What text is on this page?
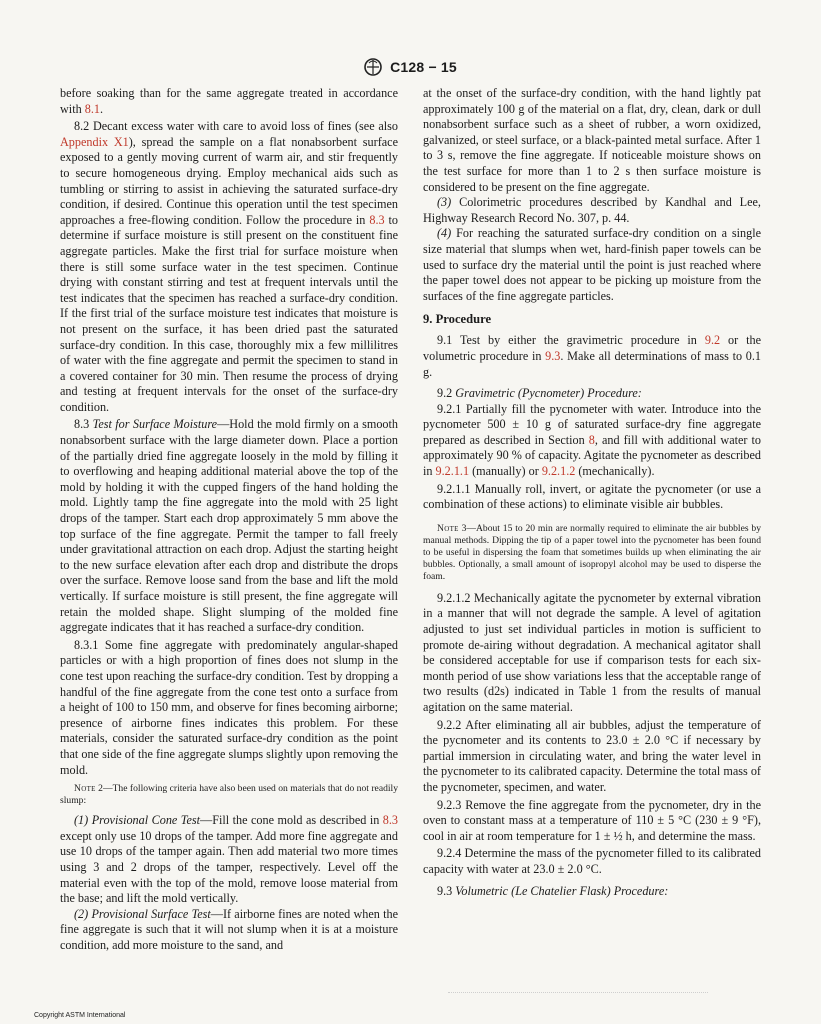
C128 − 15

before soaking than for the same aggregate treated in accordance with 8.1.

8.2 Decant excess water with care to avoid loss of fines (see also Appendix X1), spread the sample on a flat nonabsorbent surface exposed to a gently moving current of warm air, and stir frequently to secure homogeneous drying. Employ mechanical aids such as tumbling or stirring to assist in achieving the saturated surface-dry condition, if desired. Continue this operation until the test specimen approaches a free-flowing condition. Follow the procedure in 8.3 to determine if surface moisture is still present on the constituent fine aggregate particles. Make the first trial for surface moisture when there is still some surface water in the test specimen. Continue drying with constant stirring and test at frequent intervals until the test indicates that the specimen has reached a surface-dry condition. If the first trial of the surface moisture test indicates that moisture is not present on the surface, it has been dried past the saturated surface-dry condition. In this case, thoroughly mix a few millilitres of water with the fine aggregate and permit the specimen to stand in a covered container for 30 min. Then resume the process of drying and testing at frequent intervals for the onset of the surface-dry condition.

8.3 Test for Surface Moisture—Hold the mold firmly on a smooth nonabsorbent surface with the large diameter down. Place a portion of the partially dried fine aggregate loosely in the mold by filling it to overflowing and heaping additional material above the top of the mold by holding it with the cupped fingers of the hand holding the mold. Lightly tamp the fine aggregate into the mold with 25 light drops of the tamper. Start each drop approximately 5 mm above the top surface of the fine aggregate. Permit the tamper to fall freely under gravitational attraction on each drop. Adjust the starting height to the new surface elevation after each drop and distribute the drops over the surface. Remove loose sand from the base and lift the mold vertically. If surface moisture is still present, the fine aggregate will retain the molded shape. Slight slumping of the molded fine aggregate indicates that it has reached a surface-dry condition.

8.3.1 Some fine aggregate with predominately angular-shaped particles or with a high proportion of fines does not slump in the cone test upon reaching the surface-dry condition. Test by dropping a handful of the fine aggregate from the cone test onto a surface from a height of 100 to 150 mm, and observe for fines becoming airborne; presence of airborne fines indicates this problem. For these materials, consider the saturated surface-dry condition as the point that one side of the fine aggregate slumps slightly upon removing the mold.

Note 2—The following criteria have also been used on materials that do not readily slump:

(1) Provisional Cone Test—Fill the cone mold as described in 8.3 except only use 10 drops of the tamper. Add more fine aggregate and use 10 drops of the tamper again. Then add material two more times using 3 and 2 drops of the tamper, respectively. Level off the material even with the top of the mold, remove loose material from the base; and lift the mold vertically.

(2) Provisional Surface Test—If airborne fines are noted when the fine aggregate is such that it will not slump when it is at a moisture condition, add more moisture to the sand, and

at the onset of the surface-dry condition, with the hand lightly pat approximately 100 g of the material on a flat, dry, clean, dark or dull nonabsorbent surface such as a sheet of rubber, a worn oxidized, galvanized, or steel surface, or a black-painted metal surface. After 1 to 3 s, remove the fine aggregate. If noticeable moisture shows on the test surface for more than 1 to 2 s then surface moisture is considered to be present on the fine aggregate.

(3) Colorimetric procedures described by Kandhal and Lee, Highway Research Record No. 307, p. 44.

(4) For reaching the saturated surface-dry condition on a single size material that slumps when wet, hard-finish paper towels can be used to surface dry the material until the point is just reached where the paper towel does not appear to be picking up moisture from the surfaces of the fine aggregate particles.

9. Procedure

9.1 Test by either the gravimetric procedure in 9.2 or the volumetric procedure in 9.3. Make all determinations of mass to 0.1 g.

9.2 Gravimetric (Pycnometer) Procedure:

9.2.1 Partially fill the pycnometer with water. Introduce into the pycnometer 500 ± 10 g of saturated surface-dry fine aggregate prepared as described in Section 8, and fill with additional water to approximately 90 % of capacity. Agitate the pycnometer as described in 9.2.1.1 (manually) or 9.2.1.2 (mechanically).

9.2.1.1 Manually roll, invert, or agitate the pycnometer (or use a combination of these actions) to eliminate visible air bubbles.

Note 3—About 15 to 20 min are normally required to eliminate the air bubbles by manual methods. Dipping the tip of a paper towel into the pycnometer has been found to be useful in dispersing the foam that sometimes builds up when eliminating the air bubbles. Optionally, a small amount of isopropyl alcohol may be used to disperse the foam.

9.2.1.2 Mechanically agitate the pycnometer by external vibration in a manner that will not degrade the sample. A level of agitation adjusted to just set individual particles in motion is sufficient to promote de-airing without degradation. A mechanical agitator shall be considered acceptable for use if comparison tests for each six-month period of use show variations less that the acceptable range of two results (d2s) indicated in Table 1 from the results of manual agitation on the same material.

9.2.2 After eliminating all air bubbles, adjust the temperature of the pycnometer and its contents to 23.0 ± 2.0 °C if necessary by partial immersion in circulating water, and bring the water level in the pycnometer to its calibrated capacity. Determine the total mass of the pycnometer, specimen, and water.

9.2.3 Remove the fine aggregate from the pycnometer, dry in the oven to constant mass at a temperature of 110 ± 5 °C (230 ± 9 °F), cool in air at room temperature for 1 ± ½ h, and determine the mass.

9.2.4 Determine the mass of the pycnometer filled to its calibrated capacity with water at 23.0 ± 2.0 °C.

9.3 Volumetric (Le Chatelier Flask) Procedure:

Copyright ASTM International
